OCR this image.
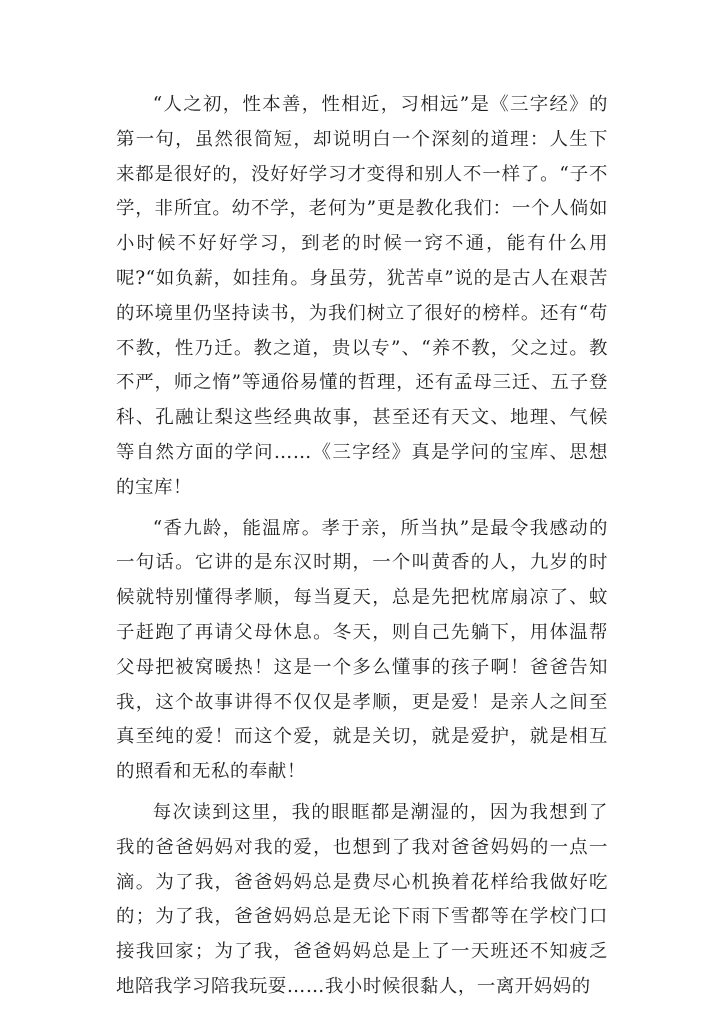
“人之初，性本善，性相近，习相远”是《三字经》的第一句，虽然很简短，却说明白一个深刻的道理：人生下来都是很好的，没好好学习才变得和别人不一样了。“子不学，非所宜。幼不学，老何为”更是教化我们：一个人倘如小时候不好好学习，到老的时候一窍不通，能有什么用呢?“如负薪，如挂角。身虽劳，犹苦卓”说的是古人在艰苦的环境里仍坚持读书，为我们树立了很好的榜样。还有“苟不教，性乃迁。教之道，贵以专”、“养不教，父之过。教不严，师之惰”等通俗易懂的哲理，还有孟母三迁、五子登科、孔融让梨这些经典故事，甚至还有天文、地理、气候等自然方面的学问……《三字经》真是学问的宝库、思想的宝库！

“香九龄，能温席。孝于亲，所当执”是最令我感动的一句话。它讲的是东汉时期，一个叫黄香的人，九岁的时候就特别懂得孝顺，每当夏天，总是先把枕席扇凉了、蚊子赶跑了再请父母休息。冬天，则自己先躺下，用体温帮父母把被窝暖热！这是一个多么懂事的孩子啊！爸爸告知我，这个故事讲得不仅仅是孝顺，更是爱！是亲人之间至真至纯的爱！而这个爱，就是关切，就是爱护，就是相互的照看和无私的奉献！

每次读到这里，我的眼眶都是潮湿的，因为我想到了我的爸爸妈妈对我的爱，也想到了我对爸爸妈妈的一点一滴。为了我，爸爸妈妈总是费尽心机换着花样给我做好吃的；为了我，爸爸妈妈总是无论下雨下雪都等在学校门口接我回家；为了我，爸爸妈妈总是上了一天班还不知疲乏地陪我学习陪我玩耍……我小时候很黏人，一离开妈妈的
